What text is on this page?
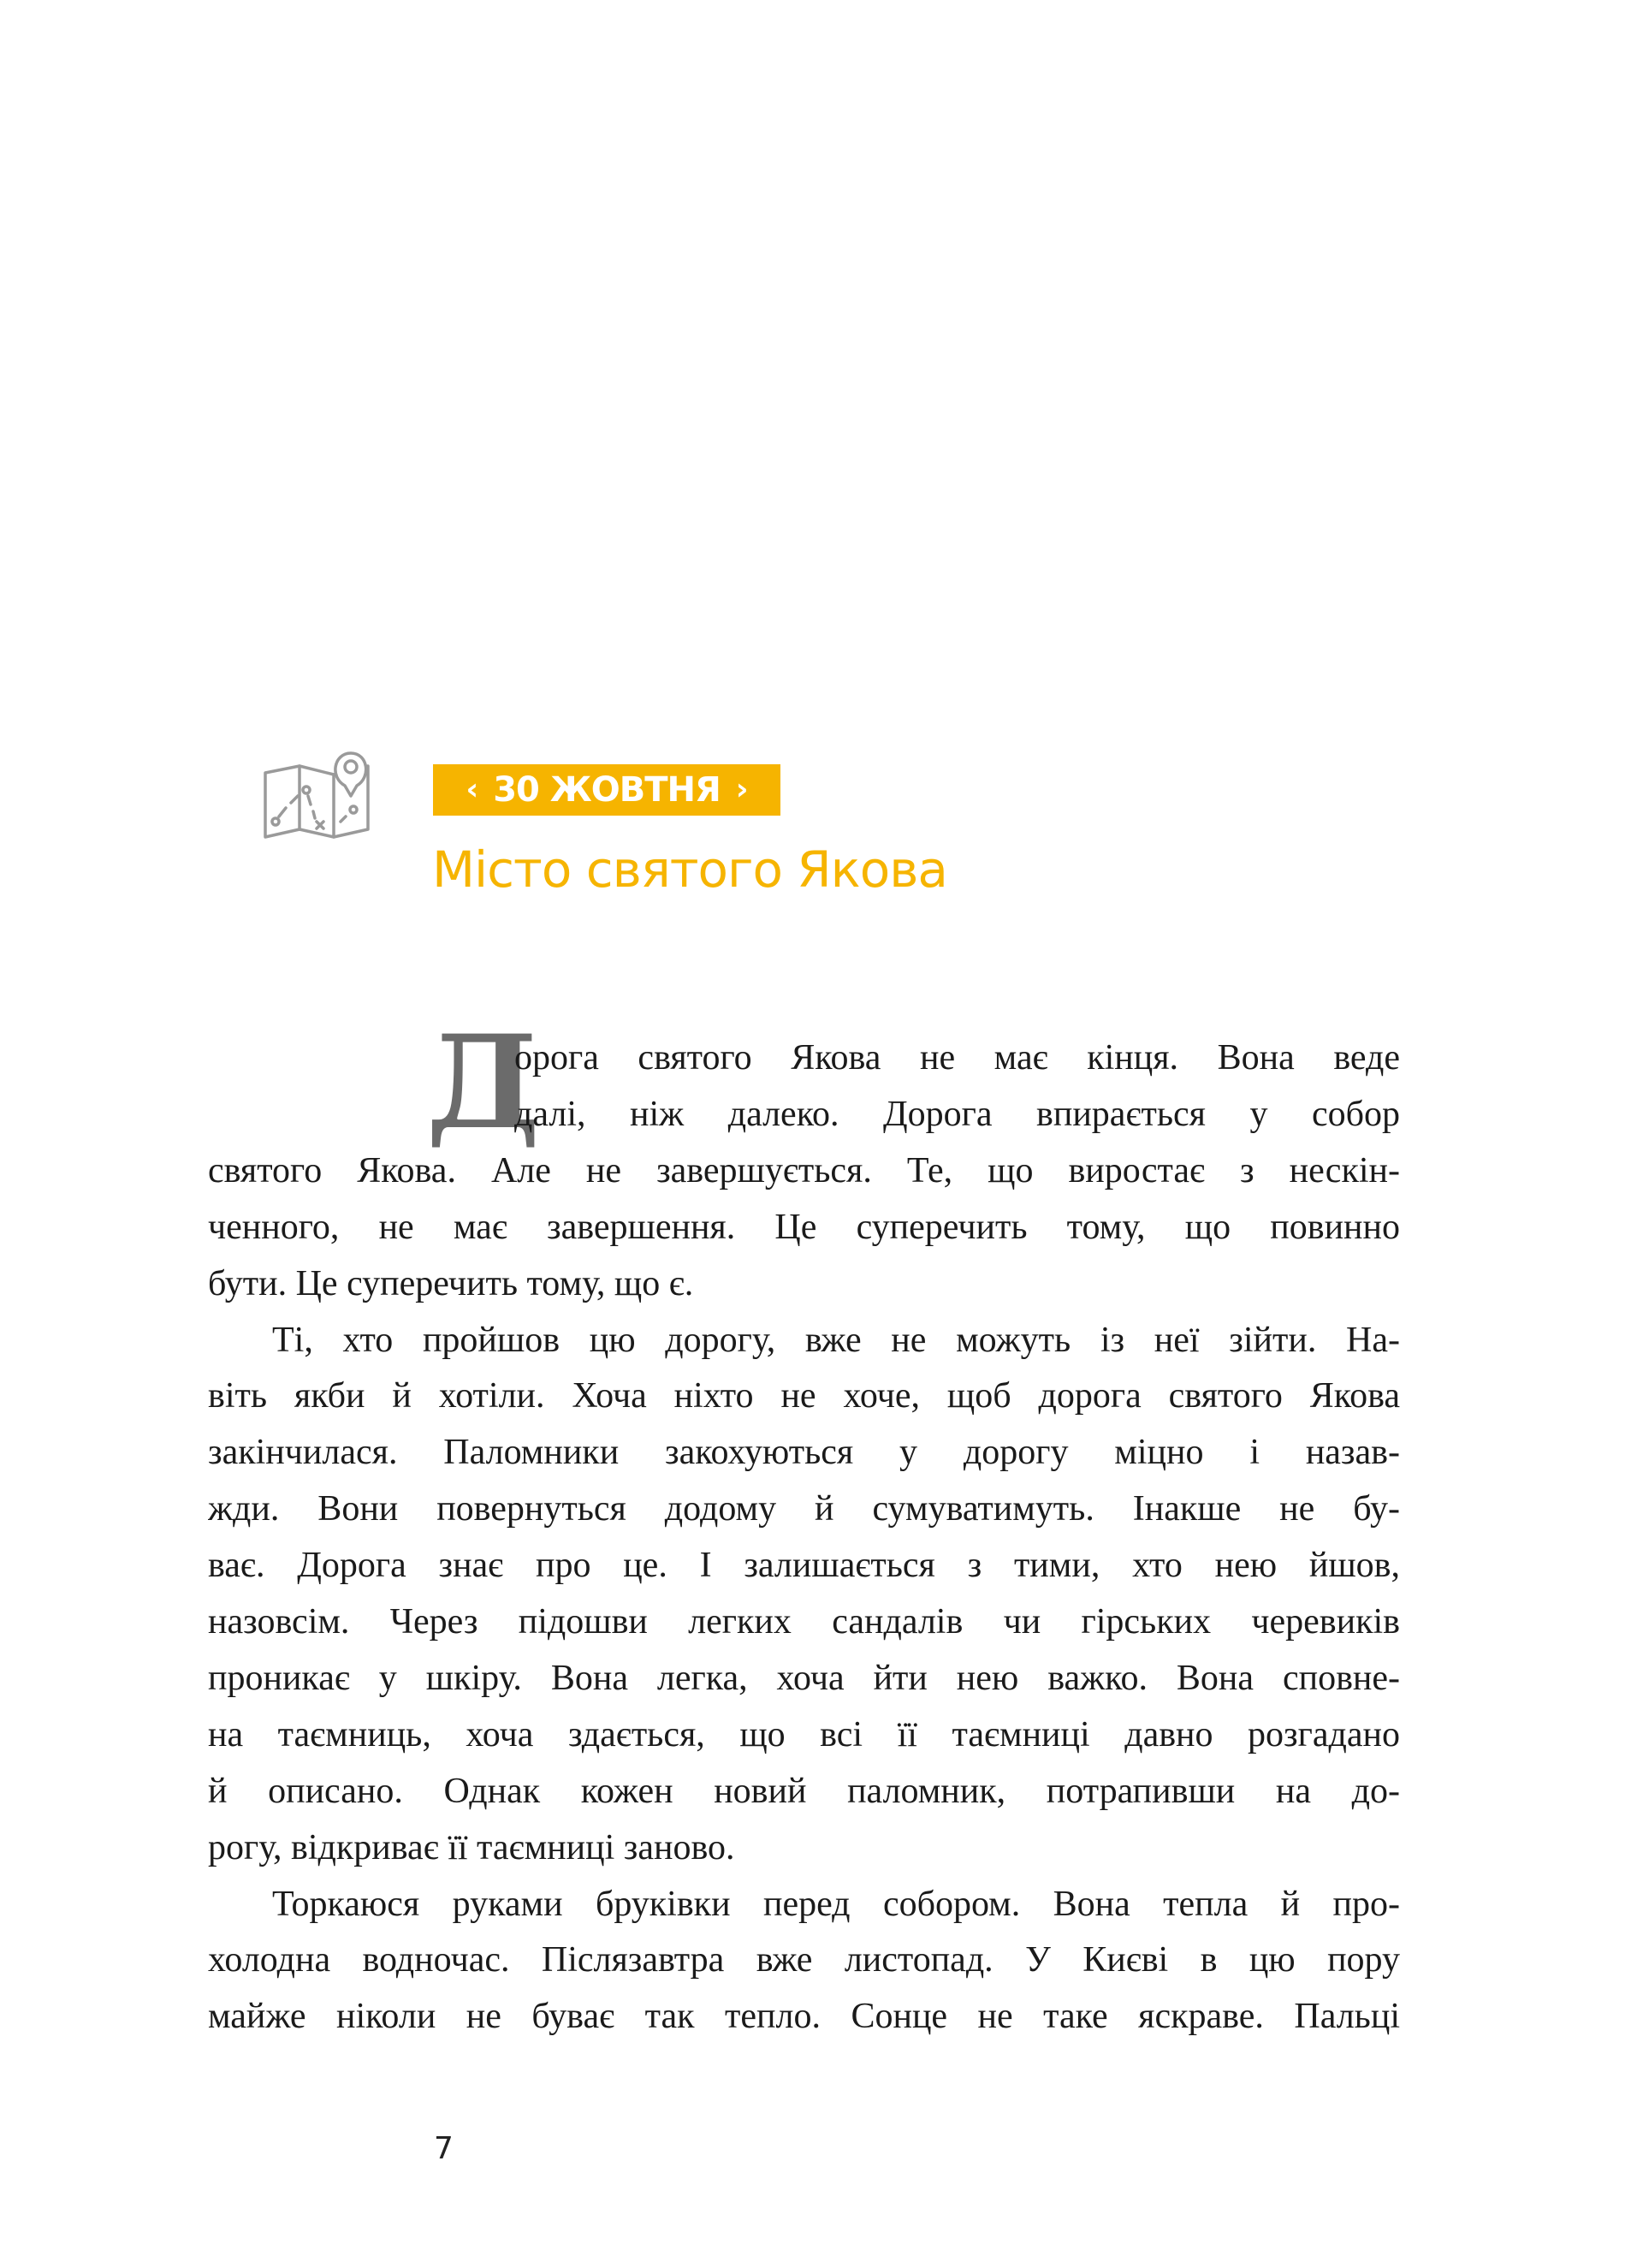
‹ 30 ЖОВТНЯ ›
Місто святого Якова
Д
орога святого Якова не має кінця. Вона веде
далі, ніж далеко. Дорога впирається у собор
святого Якова. Але не завершується. Те, що виростає з нескін-
ченного, не має завершення. Це суперечить тому, що повинно
бути. Це суперечить тому, що є.
Ті, хто пройшов цю дорогу, вже не можуть із неї зійти. На-
віть якби й хотіли. Хоча ніхто не хоче, щоб дорога святого Якова
закінчилася. Паломники закохуються у дорогу міцно і назав-
жди. Вони повернуться додому й сумуватимуть. Інакше не бу-
ває. Дорога знає про це. І залишається з тими, хто нею йшов,
назовсім. Через підошви легких сандалів чи гірських черевиків
проникає у шкіру. Вона легка, хоча йти нею важко. Вона сповне-
на таємниць, хоча здається, що всі її таємниці давно розгадано
й описано. Однак кожен новий паломник, потрапивши на до-
рогу, відкриває її таємниці заново.
Торкаюся руками бруківки перед собором. Вона тепла й про-
холодна водночас. Післязавтра вже листопад. У Києві в цю пору
майже ніколи не буває так тепло. Сонце не таке яскраве. Пальці
7
